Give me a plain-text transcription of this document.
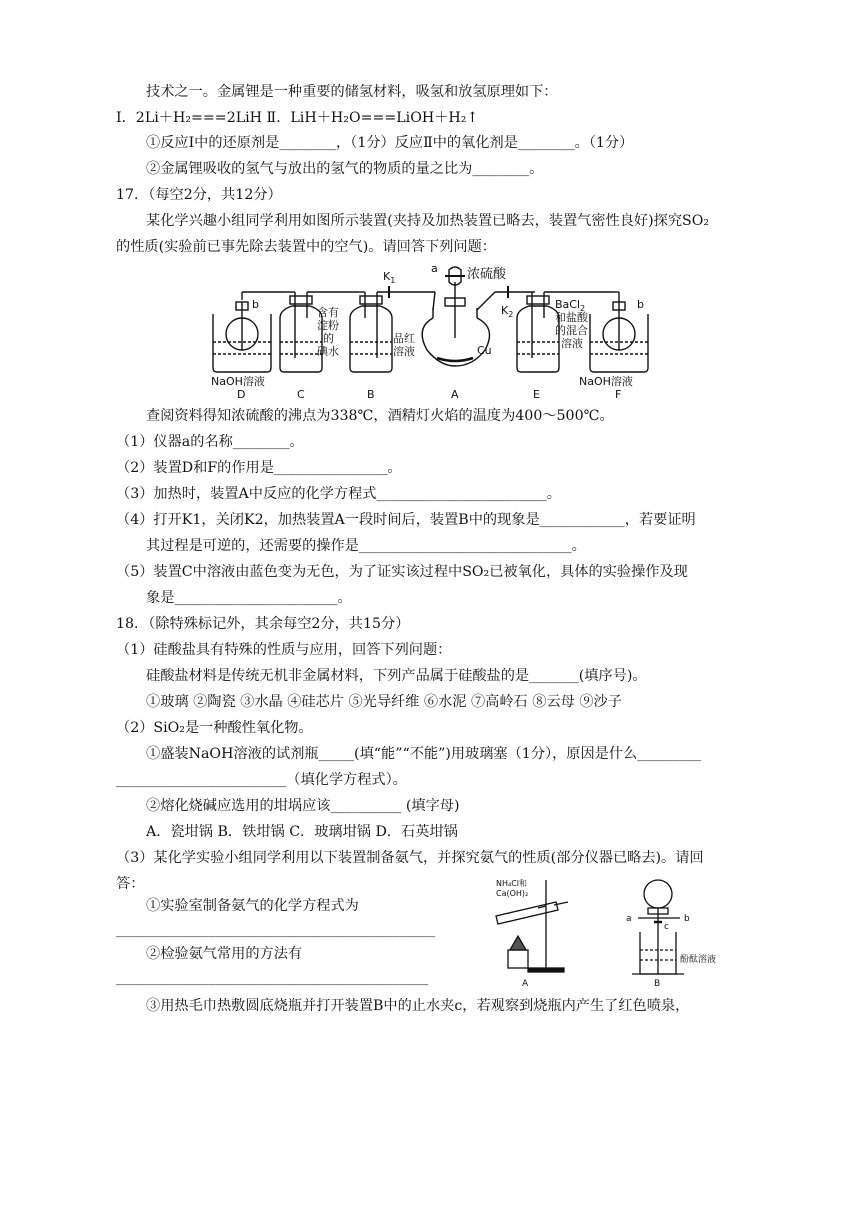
技术之一。金属锂是一种重要的储氢材料，吸氢和放氢原理如下：
Ⅰ．2Li＋H₂===2LiH Ⅱ．LiH＋H₂O===LiOH＋H₂↑
①反应Ⅰ中的还原剂是________，（1分）反应Ⅱ中的氧化剂是________。（1分）
②金属锂吸收的氢气与放出的氢气的物质的量之比为________。
17．（每空2分，共12分）
某化学兴趣小组同学利用如图所示装置(夹持及加热装置已略去，装置气密性良好)探究SO₂
的性质(实验前已事先除去装置中的空气)。请回答下列问题：
b	b
$K_1$
$K_2$
a 浓硫酸
含有
淀粉
的
碘水
品红
溶液	Cu
BaCl$_2$
和盐酸
的混合
溶液
NaOH溶液	NaOH溶液
D	C	B	A	E	F
查阅资料得知浓硫酸的沸点为338℃，酒精灯火焰的温度为400～500℃。
（1）仪器a的名称________。
（2）装置D和F的作用是________________。
（3）加热时，装置A中反应的化学方程式________________________。
（4）打开K1，关闭K2，加热装置A一段时间后，装置B中的现象是____________，若要证明
其过程是可逆的，还需要的操作是______________________________。
（5）装置C中溶液由蓝色变为无色，为了证实该过程中SO₂已被氧化，具体的实验操作及现
象是_______________________。
18．（除特殊标记外，其余每空2分，共15分）
（1）硅酸盐具有特殊的性质与应用，回答下列问题：
硅酸盐材料是传统无机非金属材料，下列产品属于硅酸盐的是_______(填序号)。
①玻璃 ②陶瓷 ③水晶 ④硅芯片 ⑤光导纤维 ⑥水泥 ⑦高岭石 ⑧云母 ⑨沙子
（2）SiO₂是一种酸性氧化物。
①盛装NaOH溶液的试剂瓶_____(填“能”“不能”)用玻璃塞（1分），原因是什么_________
________________________（填化学方程式）。
②熔化烧碱应选用的坩埚应该__________ (填字母)
A．瓷坩锅 B．铁坩锅 C．玻璃坩锅 D．石英坩锅
（3）某化学实验小组同学利用以下装置制备氨气，并探究氨气的性质(部分仪器已略去)。请回
答：
①实验室制备氨气的化学方程式为
_____________________________________________
②检验氨气常用的方法有
____________________________________________
③用热毛巾热敷圆底烧瓶并打开装置B中的止水夹c，若观察到烧瓶内产生了红色喷泉，
NH₄Cl和
Ca(OH)₂
A	B
a	b
c
酚酞溶液
